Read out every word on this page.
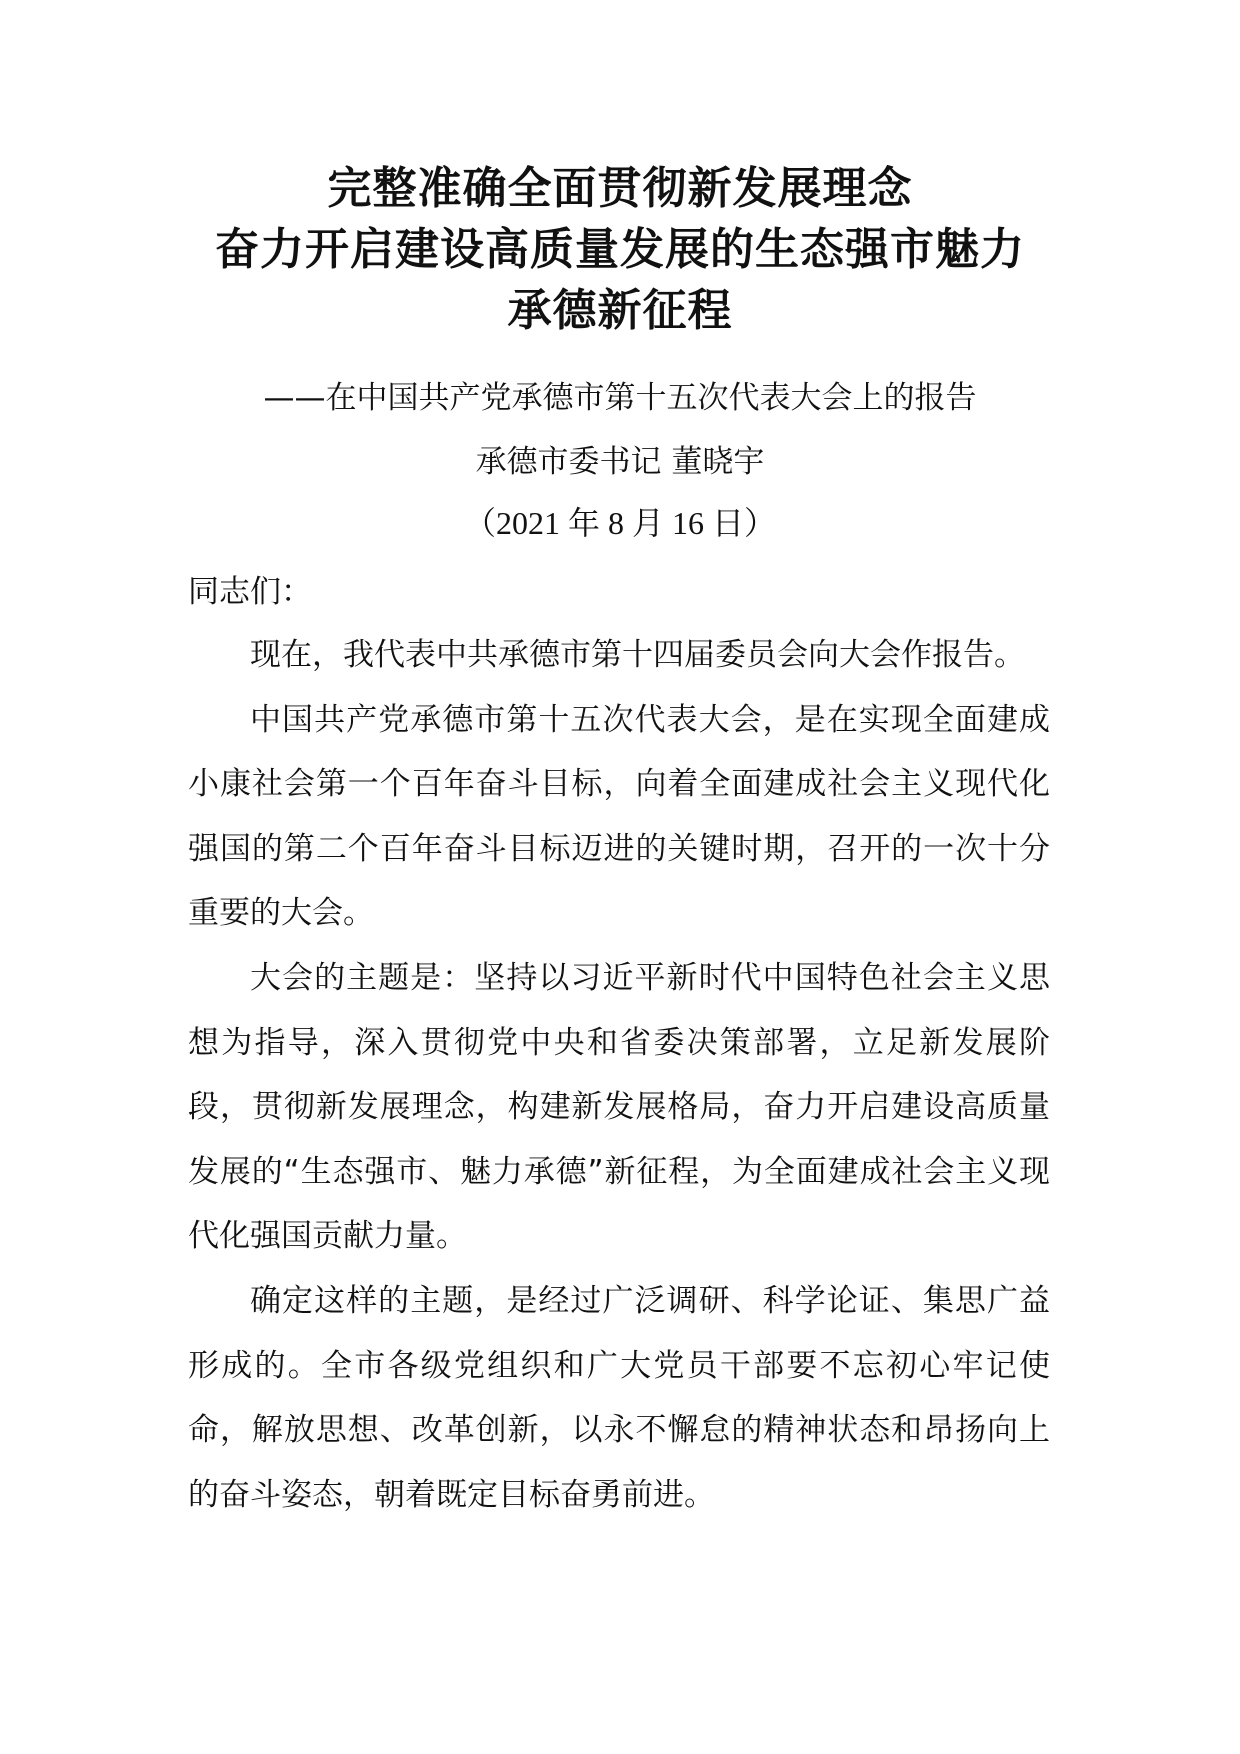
完整准确全面贯彻新发展理念
奋力开启建设高质量发展的生态强市魅力
承德新征程
——在中国共产党承德市第十五次代表大会上的报告
承德市委书记 董晓宇
（2021 年 8 月 16 日）
同志们：

现在，我代表中共承德市第十四届委员会向大会作报告。

中国共产党承德市第十五次代表大会，是在实现全面建成小康社会第一个百年奋斗目标，向着全面建成社会主义现代化强国的第二个百年奋斗目标迈进的关键时期，召开的一次十分重要的大会。

大会的主题是：坚持以习近平新时代中国特色社会主义思想为指导，深入贯彻党中央和省委决策部署，立足新发展阶段，贯彻新发展理念，构建新发展格局，奋力开启建设高质量发展的“生态强市、魅力承德”新征程，为全面建成社会主义现代化强国贡献力量。

确定这样的主题，是经过广泛调研、科学论证、集思广益形成的。全市各级党组织和广大党员干部要不忘初心牢记使命，解放思想、改革创新，以永不懈怠的精神状态和昂扬向上的奋斗姿态，朝着既定目标奋勇前进。
